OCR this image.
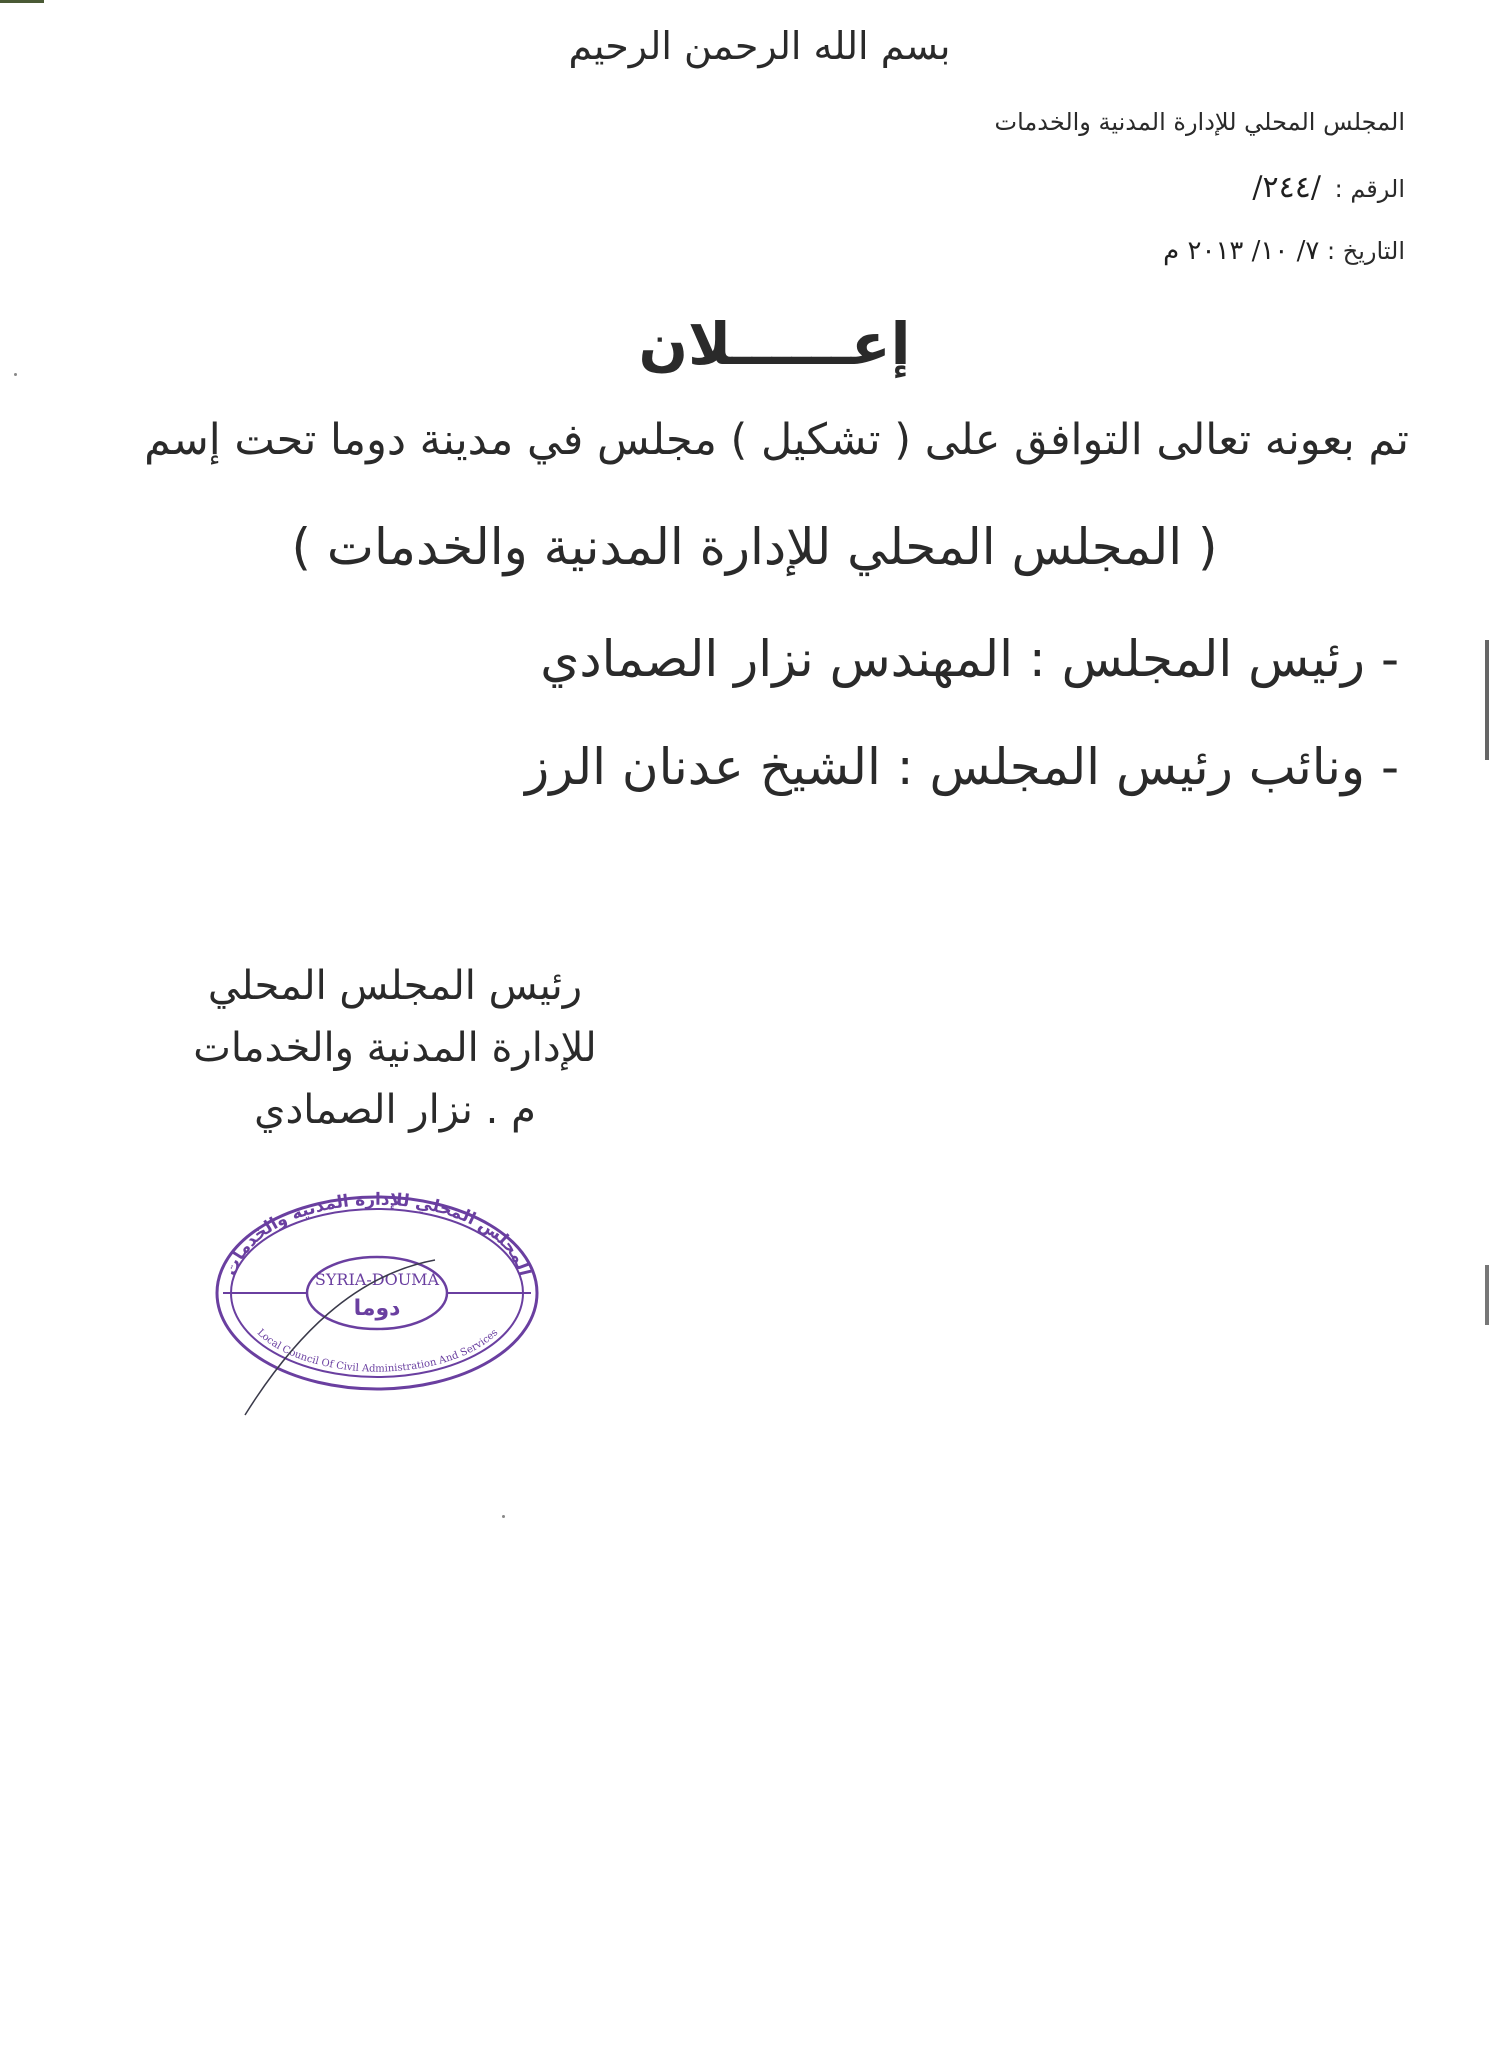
بسم الله الرحمن الرحيم
المجلس المحلي للإدارة المدنية والخدمات
الرقم : /٢٤٤/
التاريخ : ٧/ ١٠/ ٢٠١٣ م
إعــــــلان
تم بعونه تعالى التوافق على ( تشكيل ) مجلس في مدينة دوما تحت إسم
( المجلس المحلي للإدارة المدنية والخدمات )
- رئيس المجلس : المهندس نزار الصمادي
- ونائب رئيس المجلس : الشيخ عدنان الرز
رئيس المجلس المحلي
للإدارة المدنية والخدمات
م . نزار الصمادي
المجلس المحلي للإدارة المدنية والخدمات
SYRIA-DOUMA
دوما
Local Council Of Civil Administration And Services
